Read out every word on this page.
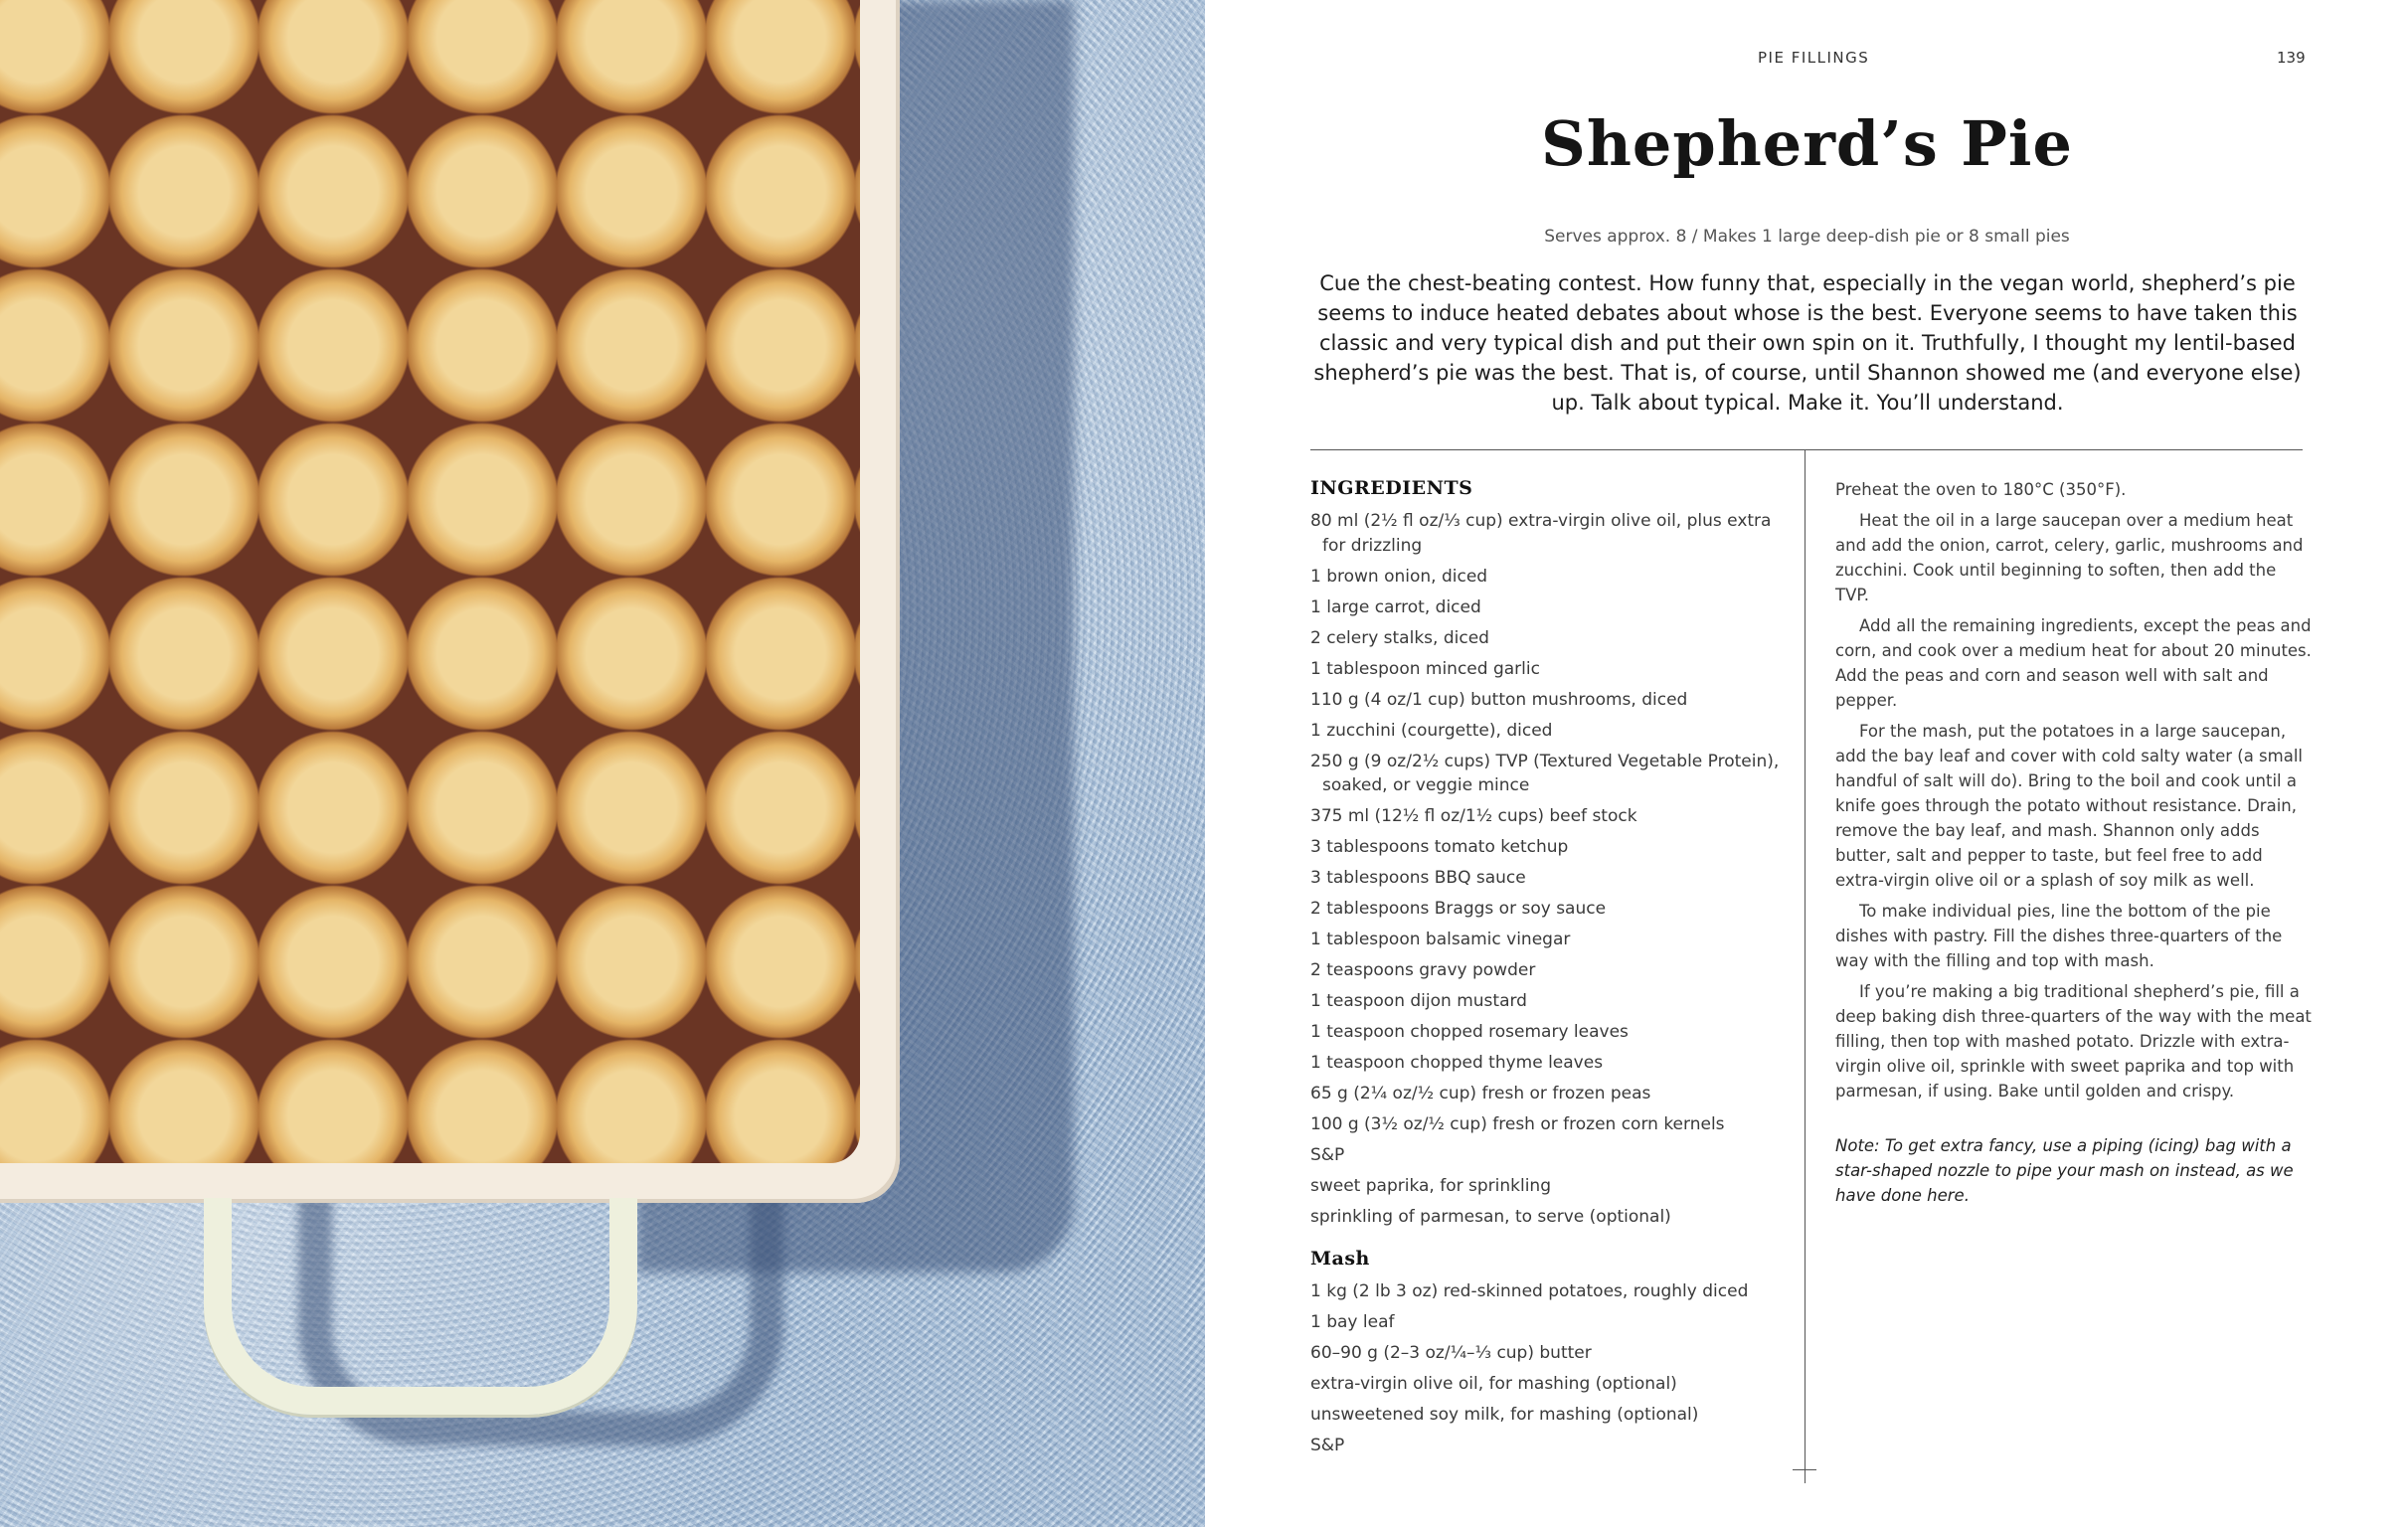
PIE FILLINGS	139
Shepherd’s Pie
Serves approx. 8 / Makes 1 large deep-dish pie or 8 small pies
Cue the chest-beating contest. How funny that, especially in the vegan world, shepherd’s pie seems to induce heated debates about whose is the best. Everyone seems to have taken this classic and very typical dish and put their own spin on it. Truthfully, I thought my lentil-based shepherd’s pie was the best. That is, of course, until Shannon showed me (and everyone else) up. Talk about typical. Make it. You’ll understand.
INGREDIENTS
80 ml (2½ fl oz/⅓ cup) extra-virgin olive oil, plus extra for drizzling
1 brown onion, diced
1 large carrot, diced
2 celery stalks, diced
1 tablespoon minced garlic
110 g (4 oz/1 cup) button mushrooms, diced
1 zucchini (courgette), diced
250 g (9 oz/2½ cups) TVP (Textured Vegetable Protein), soaked, or veggie mince
375 ml (12½ fl oz/1½ cups) beef stock
3 tablespoons tomato ketchup
3 tablespoons BBQ sauce
2 tablespoons Braggs or soy sauce
1 tablespoon balsamic vinegar
2 teaspoons gravy powder
1 teaspoon dijon mustard
1 teaspoon chopped rosemary leaves
1 teaspoon chopped thyme leaves
65 g (2¼ oz/½ cup) fresh or frozen peas
100 g (3½ oz/½ cup) fresh or frozen corn kernels
S&P
sweet paprika, for sprinkling
sprinkling of parmesan, to serve (optional)
Mash
1 kg (2 lb 3 oz) red-skinned potatoes, roughly diced
1 bay leaf
60–90 g (2–3 oz/¼–⅓ cup) butter
extra-virgin olive oil, for mashing (optional)
unsweetened soy milk, for mashing (optional)
S&P

Preheat the oven to 180°C (350°F).

Heat the oil in a large saucepan over a medium heat and add the onion, carrot, celery, garlic, mushrooms and zucchini. Cook until beginning to soften, then add the TVP.

Add all the remaining ingredients, except the peas and corn, and cook over a medium heat for about 20 minutes. Add the peas and corn and season well with salt and pepper.

For the mash, put the potatoes in a large saucepan, add the bay leaf and cover with cold salty water (a small handful of salt will do). Bring to the boil and cook until a knife goes through the potato without resistance. Drain, remove the bay leaf, and mash. Shannon only adds butter, salt and pepper to taste, but feel free to add extra-virgin olive oil or a splash of soy milk as well.

To make individual pies, line the bottom of the pie dishes with pastry. Fill the dishes three-quarters of the way with the filling and top with mash.

If you’re making a big traditional shepherd’s pie, fill a deep baking dish three-quarters of the way with the meat filling, then top with mashed potato. Drizzle with extra-virgin olive oil, sprinkle with sweet paprika and top with parmesan, if using. Bake until golden and crispy.

Note: To get extra fancy, use a piping (icing) bag with a star-shaped nozzle to pipe your mash on instead, as we have done here.
